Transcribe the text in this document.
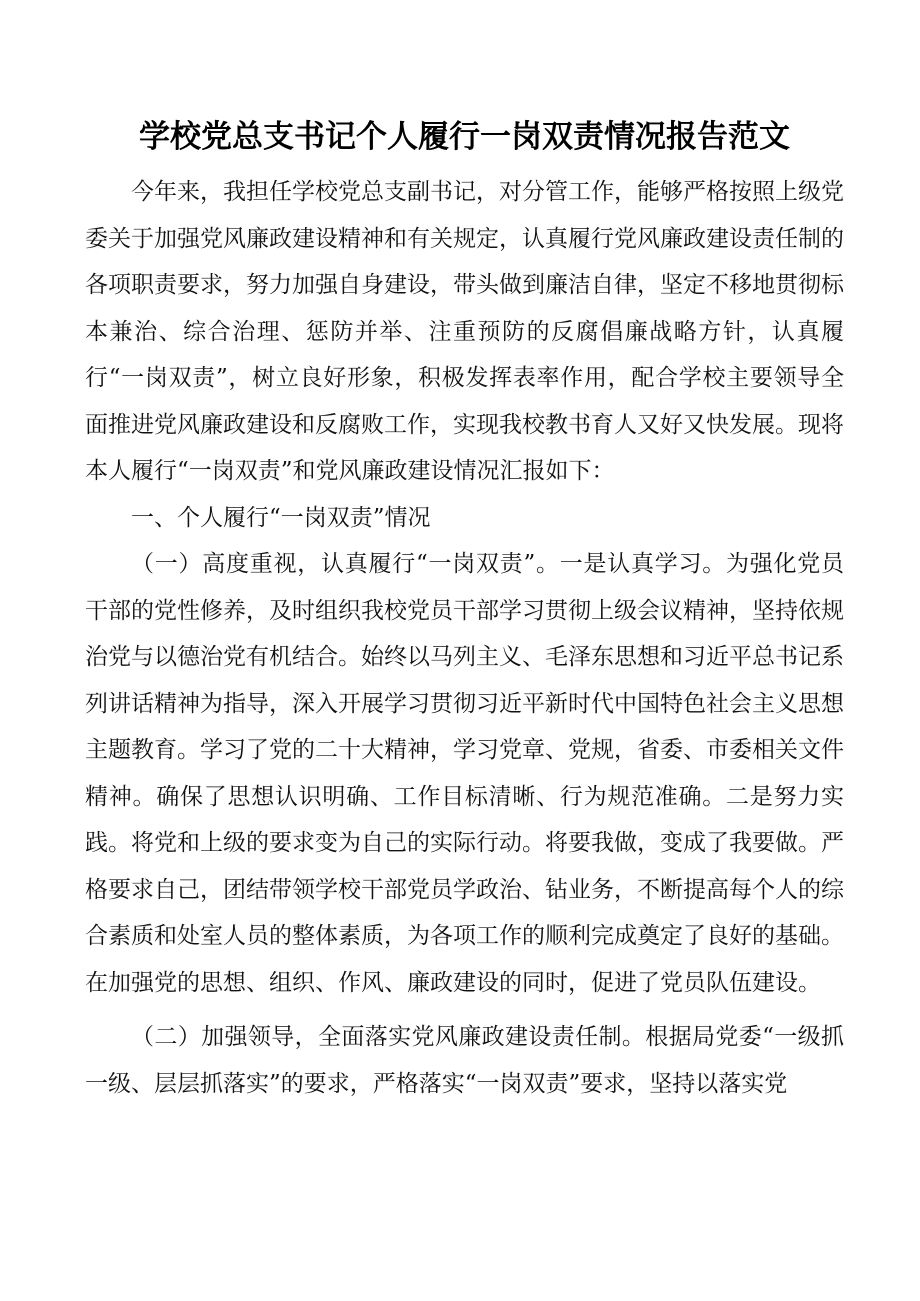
学校党总支书记个人履行一岗双责情况报告范文

今年来，我担任学校党总支副书记，对分管工作，能够严格按照上级党委关于加强党风廉政建设精神和有关规定，认真履行党风廉政建设责任制的各项职责要求，努力加强自身建设，带头做到廉洁自律，坚定不移地贯彻标本兼治、综合治理、惩防并举、注重预防的反腐倡廉战略方针，认真履行“一岗双责”，树立良好形象，积极发挥表率作用，配合学校主要领导全面推进党风廉政建设和反腐败工作，实现我校教书育人又好又快发展。现将本人履行“一岗双责”和党风廉政建设情况汇报如下：

一、个人履行“一岗双责”情况

（一）高度重视，认真履行“一岗双责”。一是认真学习。为强化党员干部的党性修养，及时组织我校党员干部学习贯彻上级会议精神，坚持依规治党与以德治党有机结合。始终以马列主义、毛泽东思想和习近平总书记系列讲话精神为指导，深入开展学习贯彻习近平新时代中国特色社会主义思想主题教育。学习了党的二十大精神，学习党章、党规，省委、市委相关文件精神。确保了思想认识明确、工作目标清晰、行为规范准确。二是努力实践。将党和上级的要求变为自己的实际行动。将要我做，变成了我要做。严格要求自己，团结带领学校干部党员学政治、钻业务，不断提高每个人的综合素质和处室人员的整体素质，为各项工作的顺利完成奠定了良好的基础。在加强党的思想、组织、作风、廉政建设的同时，促进了党员队伍建设。

（二）加强领导，全面落实党风廉政建设责任制。根据局党委“一级抓一级、层层抓落实”的要求，严格落实“一岗双责”要求，坚持以落实党
